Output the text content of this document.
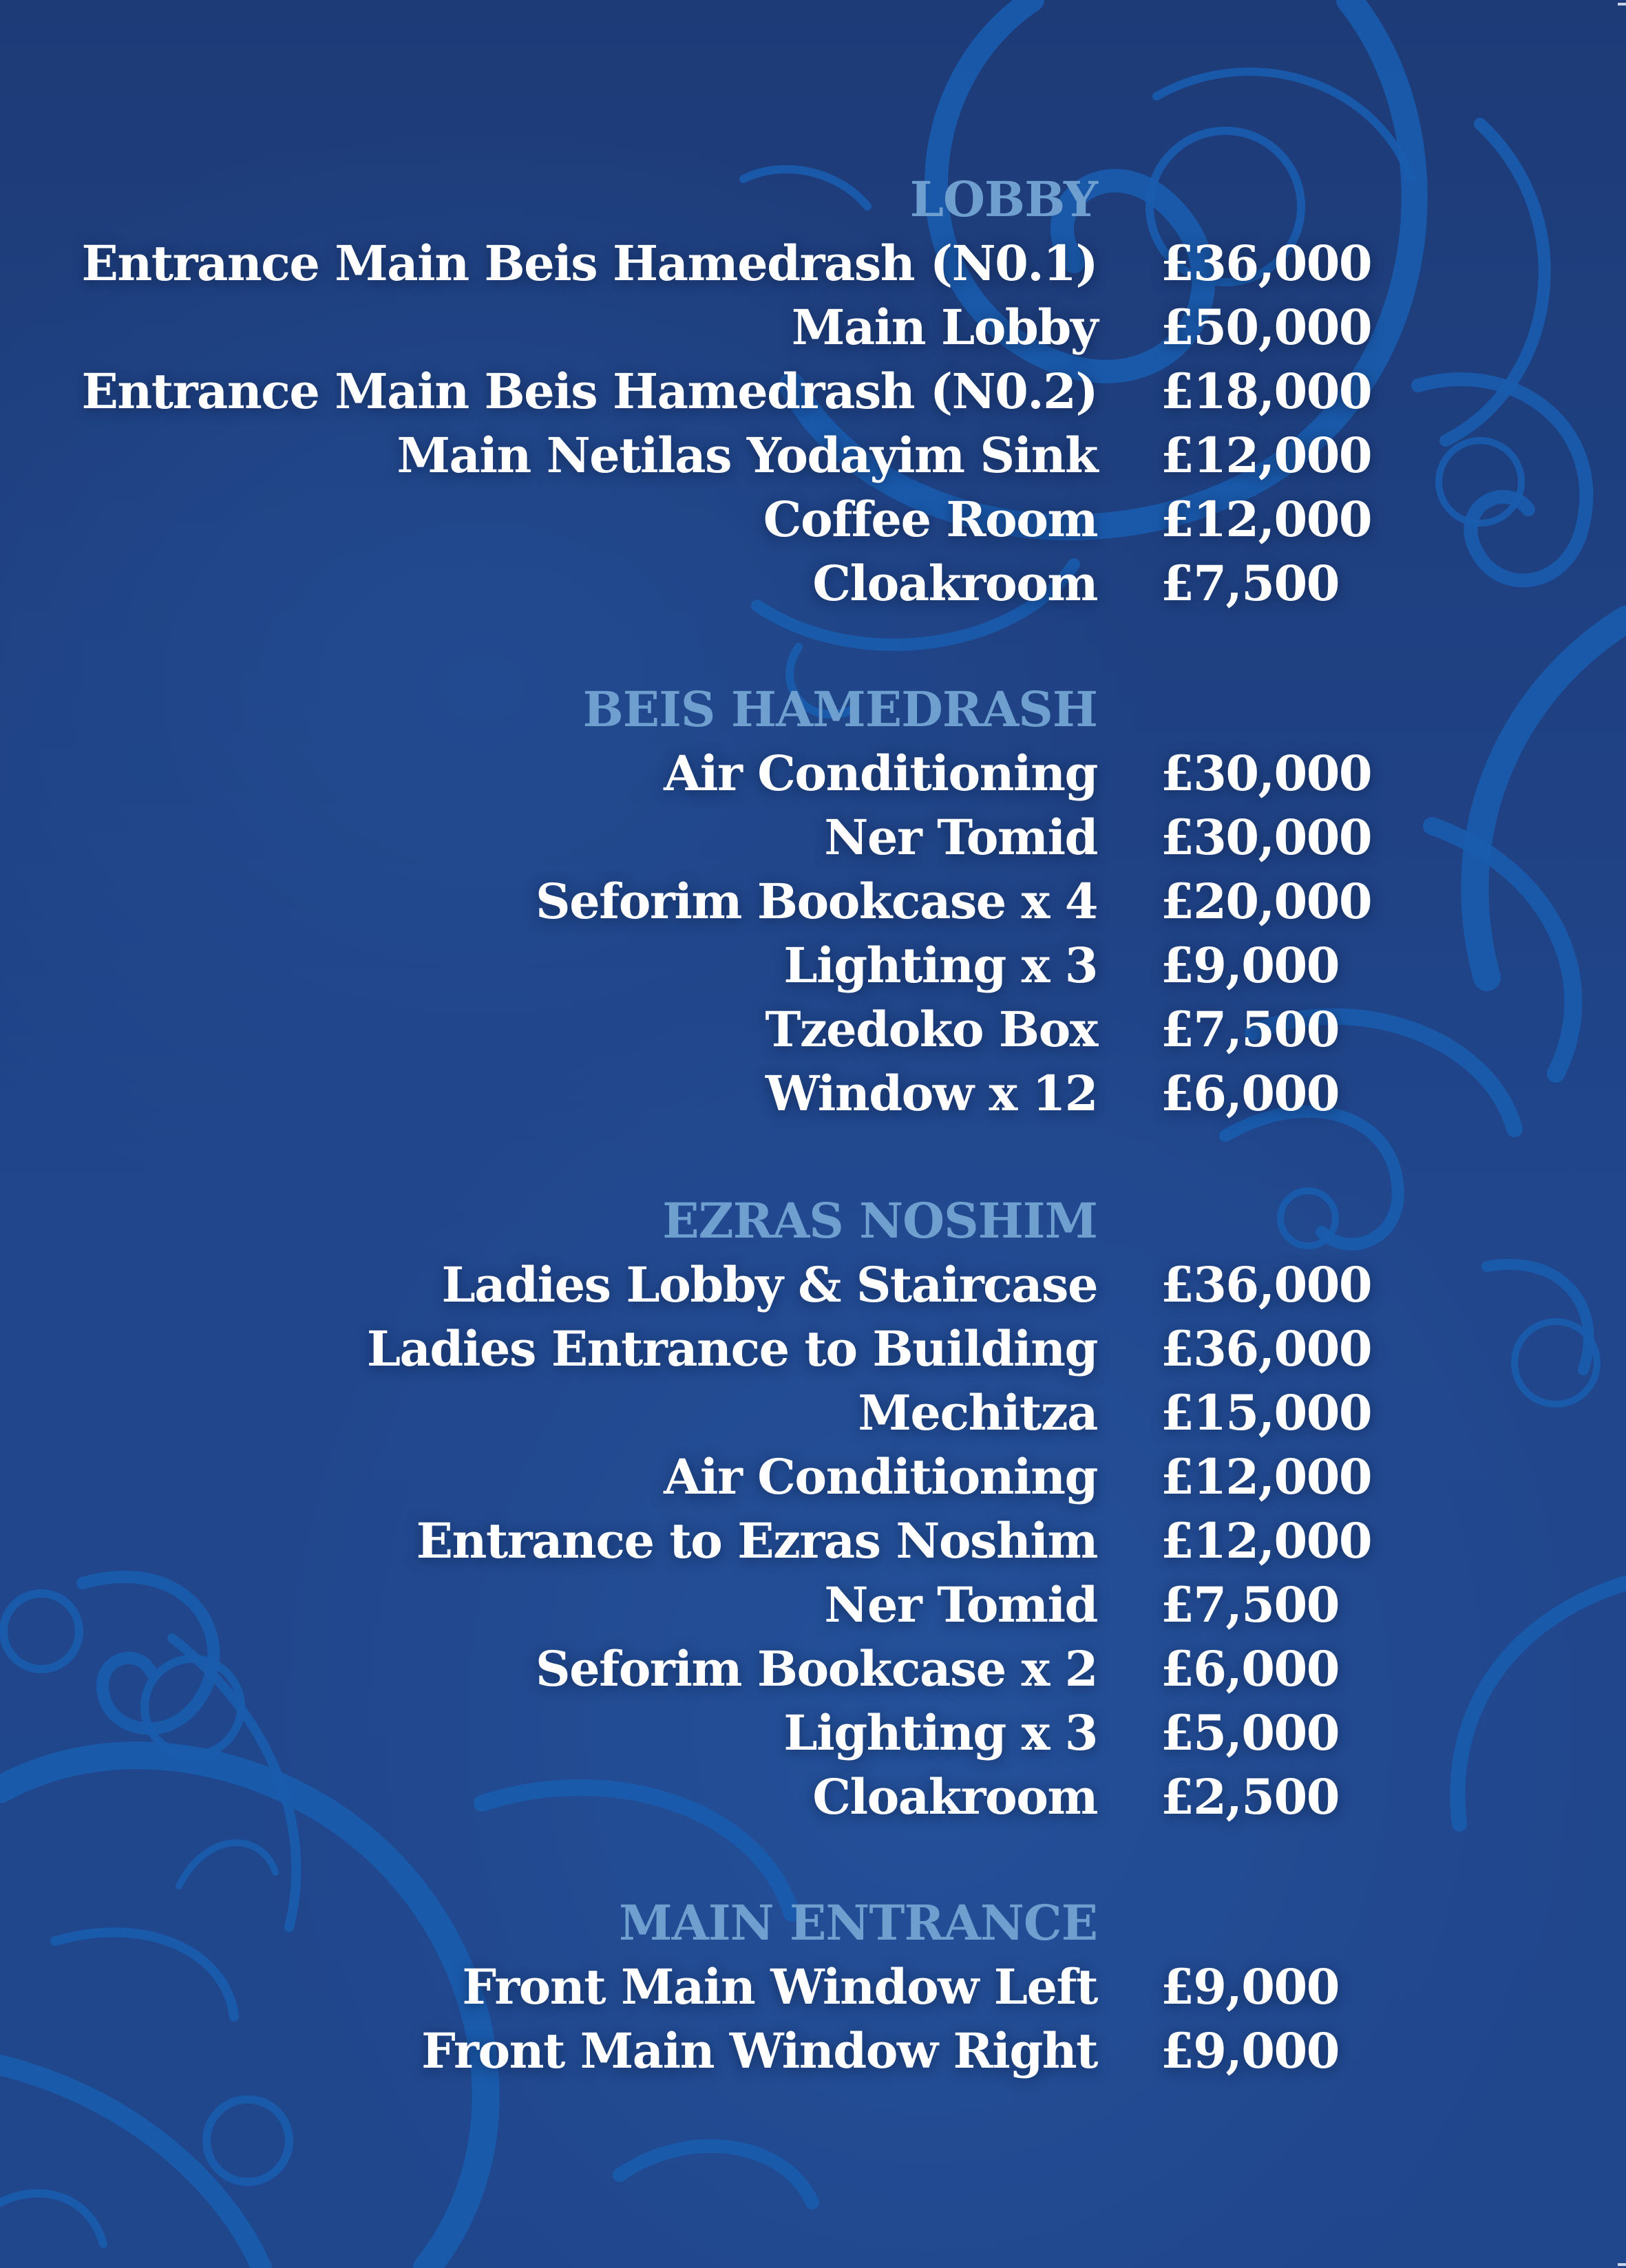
LOBBY
Entrance Main Beis Hamedrash (N0.1) £36,000
Main Lobby £50,000
Entrance Main Beis Hamedrash (N0.2) £18,000
Main Netilas Yodayim Sink £12,000
Coffee Room £12,000
Cloakroom £7,500
BEIS HAMEDRASH
Air Conditioning £30,000
Ner Tomid £30,000
Seforim Bookcase x 4 £20,000
Lighting x 3 £9,000
Tzedoko Box £7,500
Window x 12 £6,000
EZRAS NOSHIM
Ladies Lobby & Staircase £36,000
Ladies Entrance to Building £36,000
Mechitza £15,000
Air Conditioning £12,000
Entrance to Ezras Noshim £12,000
Ner Tomid £7,500
Seforim Bookcase x 2 £6,000
Lighting x 3 £5,000
Cloakroom £2,500
MAIN ENTRANCE
Front Main Window Left £9,000
Front Main Window Right £9,000
